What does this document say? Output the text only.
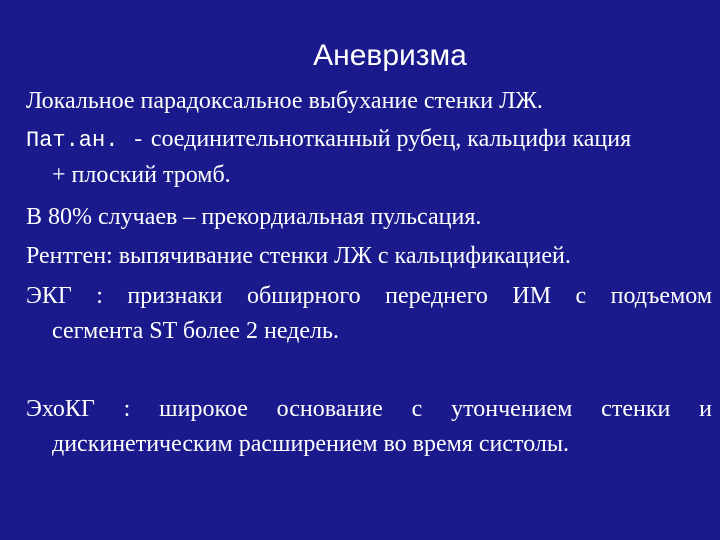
Аневризма
Локальное парадоксальное выбухание стенки ЛЖ.
Пат.ан. - соединительнотканный рубец, кальцифи кация
+ плоский тромб.
В 80% случаев – прекордиальная пульсация.
Рентген: выпячивание стенки ЛЖ с кальцификацией.
ЭКГ : признаки обширного переднего ИМ с подъемом
сегмента ST более 2 недель.
ЭхоКГ : широкое основание с утончением стенки и
дискинетическим расширением во время систолы.
